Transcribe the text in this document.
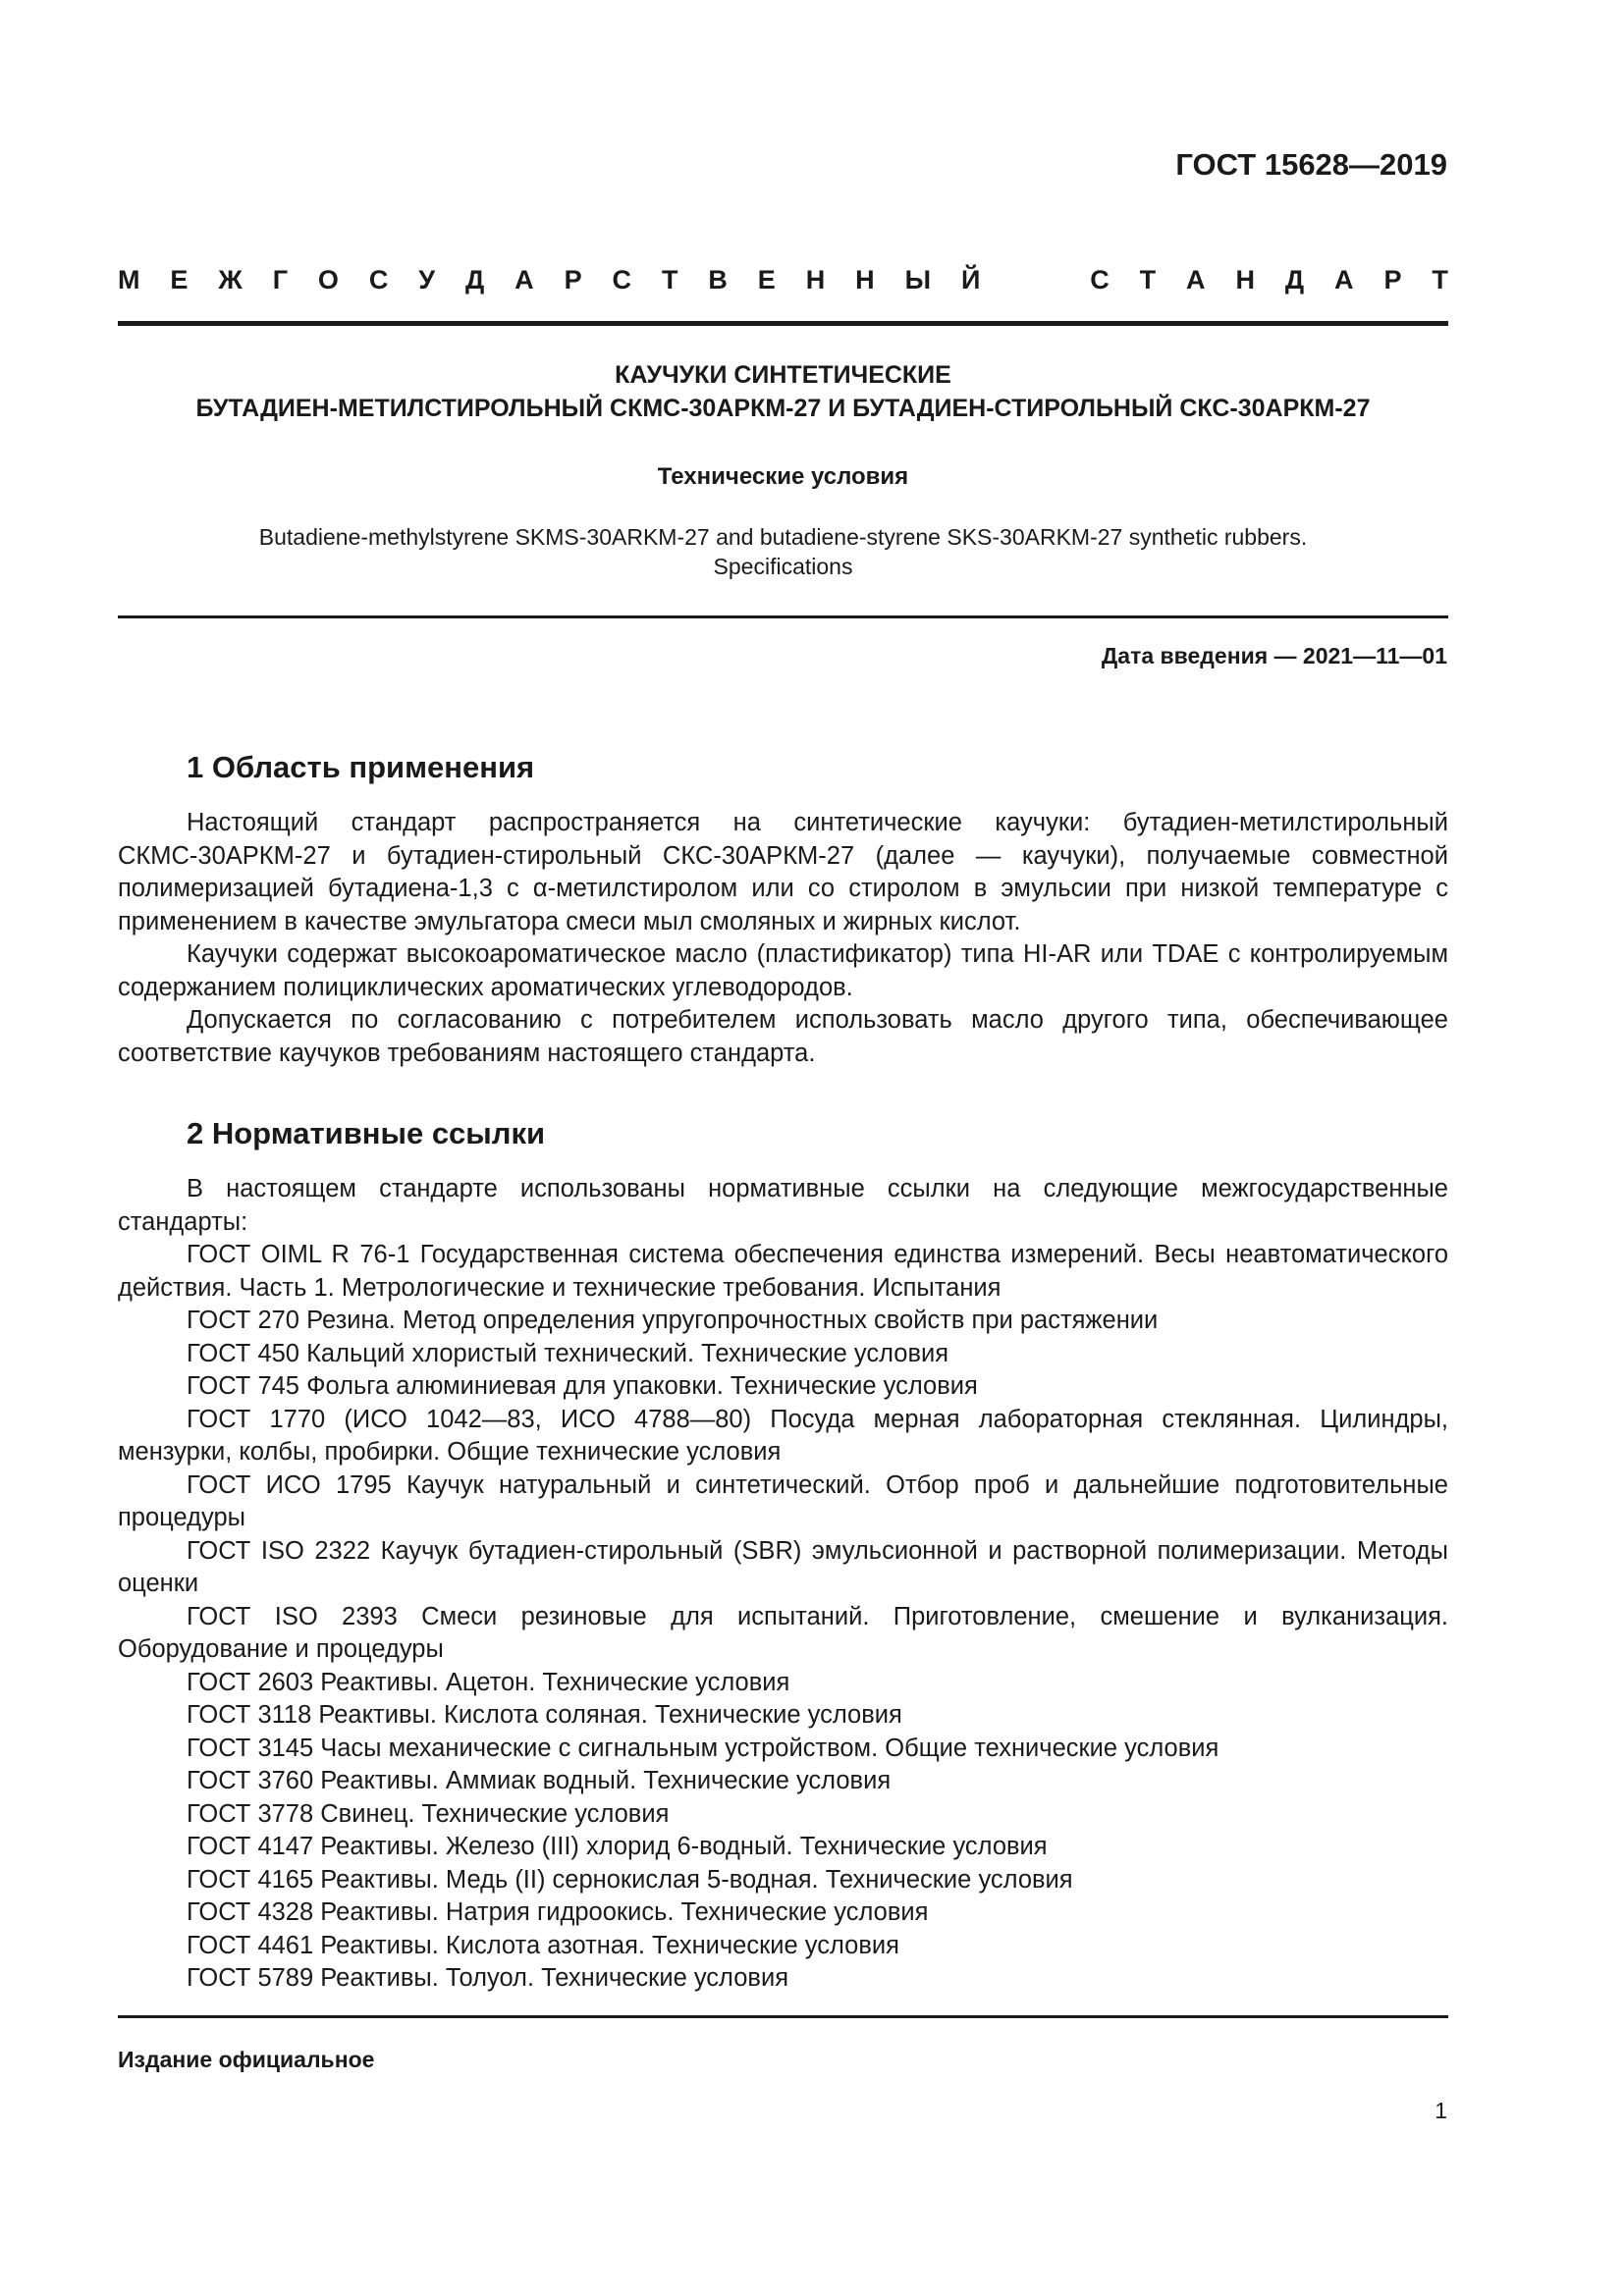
ГОСТ 15628—2019
М Е Ж Г О С У Д А Р С Т В Е Н Н Ы Й	С Т А Н Д А Р Т
КАУЧУКИ СИНТЕТИЧЕСКИЕ
БУТАДИЕН-МЕТИЛСТИРОЛЬНЫЙ СКМС-30АРКМ-27 И БУТАДИЕН-СТИРОЛЬНЫЙ СКС-30АРКМ-27
Технические условия
Butadiene-methylstyrene SKMS-30ARKM-27 and butadiene-styrene SKS-30ARKM-27 synthetic rubbers.
Specifications
Дата введения — 2021—11—01
1 Область применения

Настоящий стандарт распространяется на синтетические каучуки: бутадиен-метилстирольный СКМС-30АРКМ-27 и бутадиен-стирольный СКС-30АРКМ-27 (далее — каучуки), получаемые совместной полимеризацией бутадиена-1,3 с α-метилстиролом или со стиролом в эмульсии при низкой температуре с применением в качестве эмульгатора смеси мыл смоляных и жирных кислот.

Каучуки содержат высокоароматическое масло (пластификатор) типа HI-AR или TDAE с контролируемым содержанием полициклических ароматических углеводородов.

Допускается по согласованию с потребителем использовать масло другого типа, обеспечивающее соответствие каучуков требованиям настоящего стандарта.

2 Нормативные ссылки

В настоящем стандарте использованы нормативные ссылки на следующие межгосударственные стандарты:

ГОСТ OIML R 76-1 Государственная система обеспечения единства измерений. Весы неавтоматического действия. Часть 1. Метрологические и технические требования. Испытания

ГОСТ 270 Резина. Метод определения упругопрочностных свойств при растяжении

ГОСТ 450 Кальций хлористый технический. Технические условия

ГОСТ 745 Фольга алюминиевая для упаковки. Технические условия

ГОСТ 1770 (ИСО 1042—83, ИСО 4788—80) Посуда мерная лабораторная стеклянная. Цилиндры, мензурки, колбы, пробирки. Общие технические условия

ГОСТ ИСО 1795 Каучук натуральный и синтетический. Отбор проб и дальнейшие подготовительные процедуры

ГОСТ ISO 2322 Каучук бутадиен-стирольный (SBR) эмульсионной и растворной полимеризации. Методы оценки

ГОСТ ISO 2393 Смеси резиновые для испытаний. Приготовление, смешение и вулканизация. Оборудование и процедуры

ГОСТ 2603 Реактивы. Ацетон. Технические условия

ГОСТ 3118 Реактивы. Кислота соляная. Технические условия

ГОСТ 3145 Часы механические с сигнальным устройством. Общие технические условия

ГОСТ 3760 Реактивы. Аммиак водный. Технические условия

ГОСТ 3778 Свинец. Технические условия

ГОСТ 4147 Реактивы. Железо (III) хлорид 6-водный. Технические условия

ГОСТ 4165 Реактивы. Медь (II) сернокислая 5-водная. Технические условия

ГОСТ 4328 Реактивы. Натрия гидроокись. Технические условия

ГОСТ 4461 Реактивы. Кислота азотная. Технические условия

ГОСТ 5789 Реактивы. Толуол. Технические условия

Издание официальное
1
